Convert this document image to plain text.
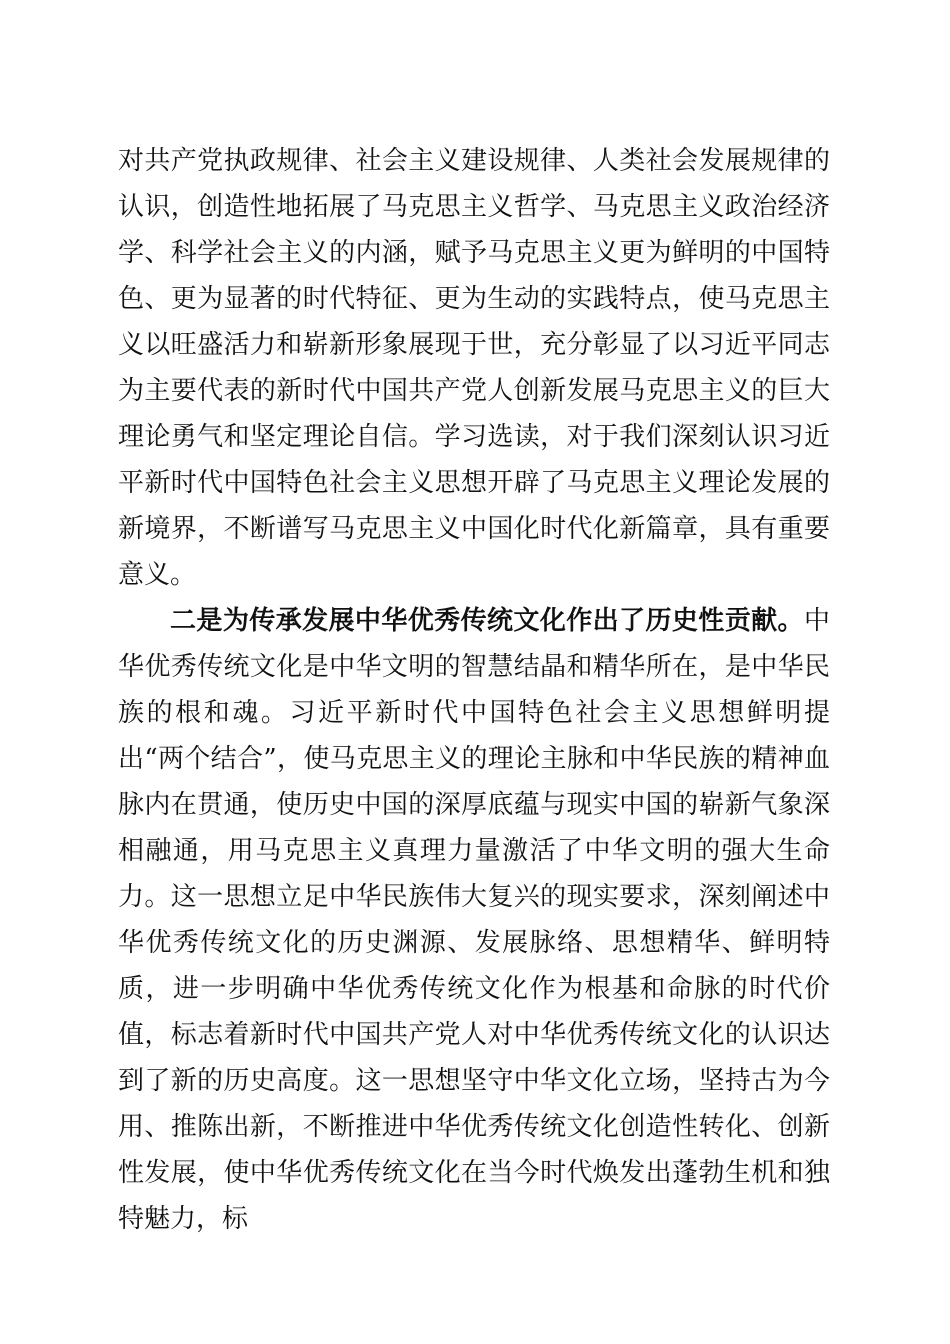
对共产党执政规律、社会主义建设规律、人类社会发展规律的认识，创造性地拓展了马克思主义哲学、马克思主义政治经济学、科学社会主义的内涵，赋予马克思主义更为鲜明的中国特色、更为显著的时代特征、更为生动的实践特点，使马克思主义以旺盛活力和崭新形象展现于世，充分彰显了以习近平同志为主要代表的新时代中国共产党人创新发展马克思主义的巨大理论勇气和坚定理论自信。学习选读，对于我们深刻认识习近平新时代中国特色社会主义思想开辟了马克思主义理论发展的新境界，不断谱写马克思主义中国化时代化新篇章，具有重要意义。

二是为传承发展中华优秀传统文化作出了历史性贡献。中华优秀传统文化是中华文明的智慧结晶和精华所在，是中华民族的根和魂。习近平新时代中国特色社会主义思想鲜明提出“两个结合”，使马克思主义的理论主脉和中华民族的精神血脉内在贯通，使历史中国的深厚底蕴与现实中国的崭新气象深相融通，用马克思主义真理力量激活了中华文明的强大生命力。这一思想立足中华民族伟大复兴的现实要求，深刻阐述中华优秀传统文化的历史渊源、发展脉络、思想精华、鲜明特质，进一步明确中华优秀传统文化作为根基和命脉的时代价值，标志着新时代中国共产党人对中华优秀传统文化的认识达到了新的历史高度。这一思想坚守中华文化立场，坚持古为今用、推陈出新，不断推进中华优秀传统文化创造性转化、创新性发展，使中华优秀传统文化在当今时代焕发出蓬勃生机和独特魅力，标
